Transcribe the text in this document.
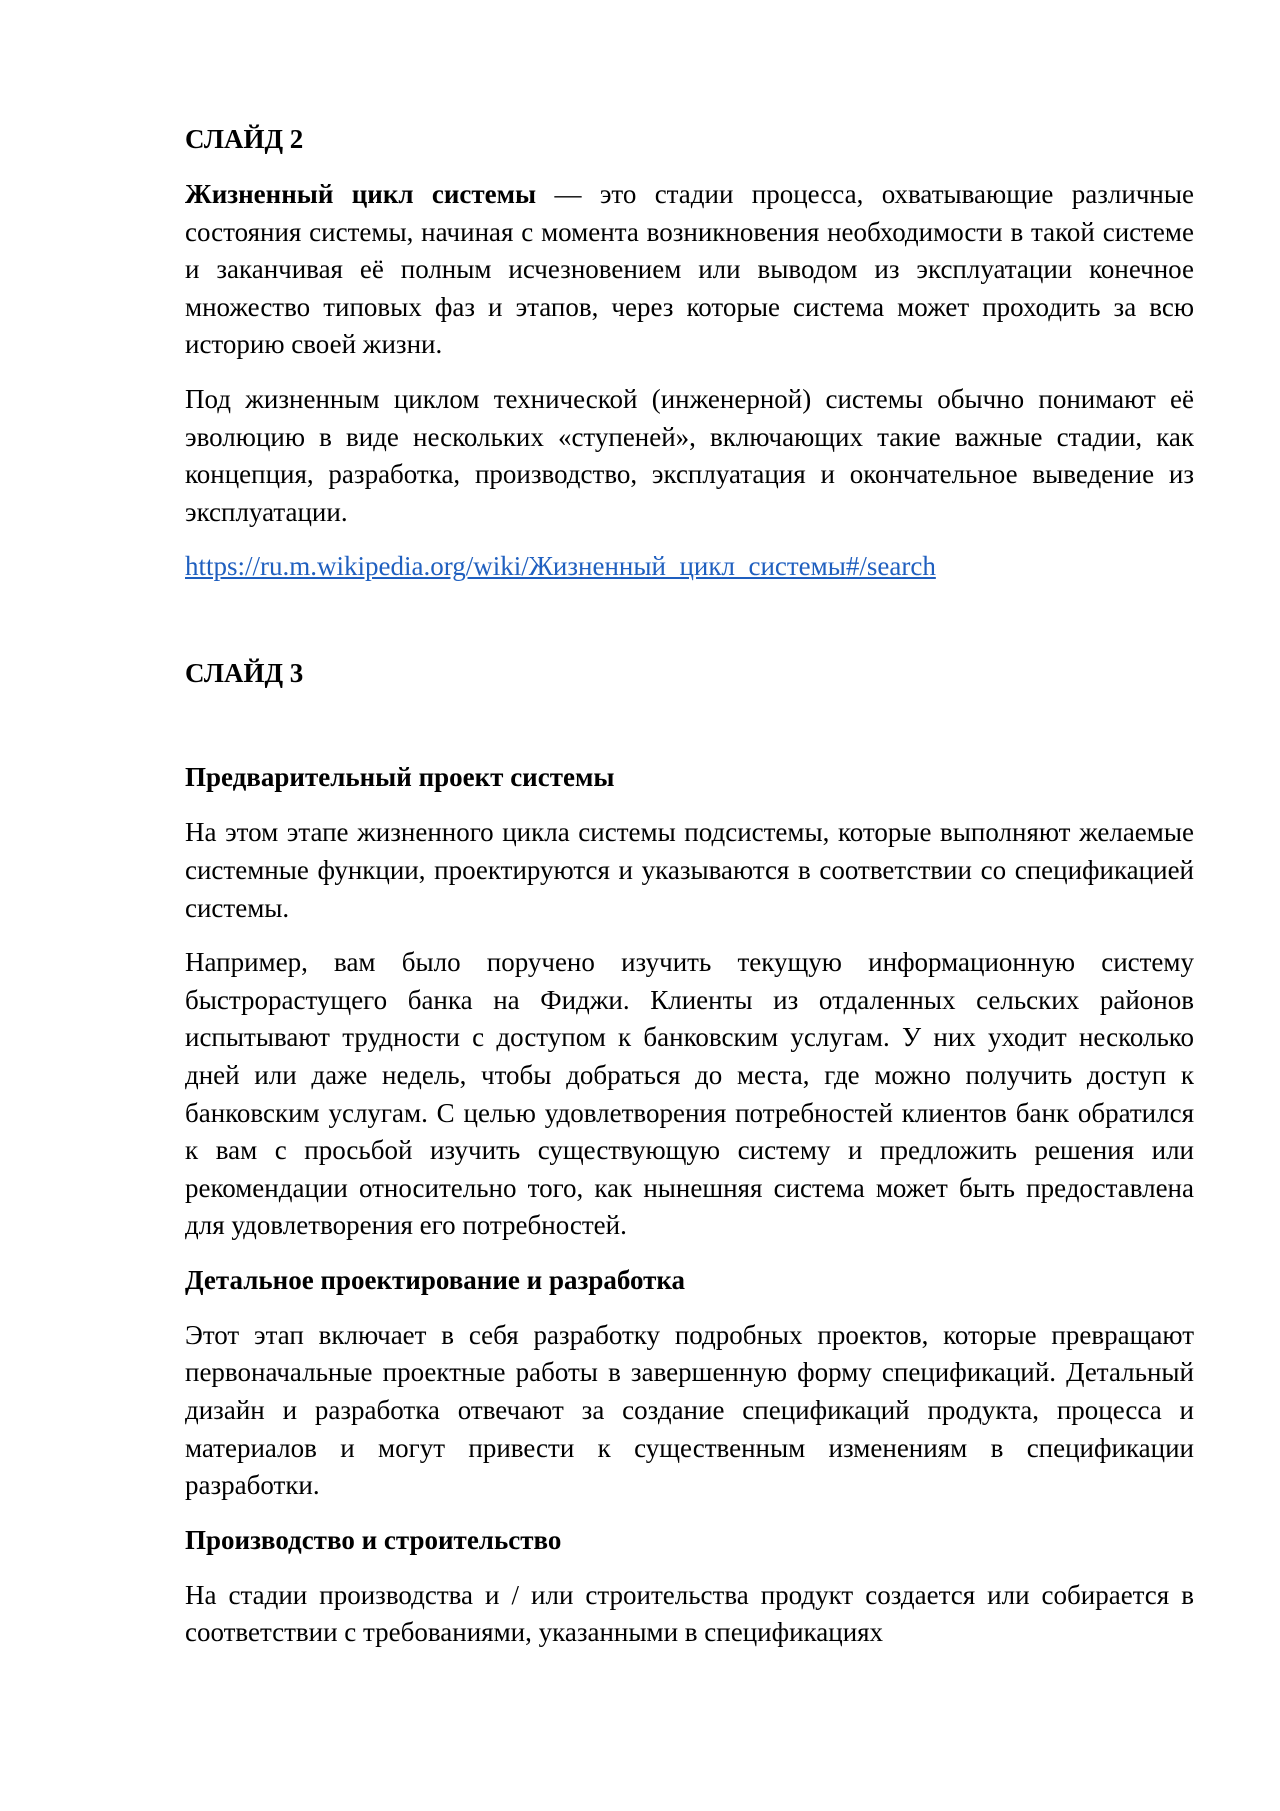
СЛАЙД 2

Жизненный цикл системы — это стадии процесса, охватывающие различные состояния системы, начиная с момента возникновения необходимости в такой системе и заканчивая её полным исчезновением или выводом из эксплуатации конечное множество типовых фаз и этапов, через которые система может проходить за всю историю своей жизни.

Под жизненным циклом технической (инженерной) системы обычно понимают её эволюцию в виде нескольких «ступеней», включающих такие важные стадии, как концепция, разработка, производство, эксплуатация и окончательное выведение из эксплуатации.

https://ru.m.wikipedia.org/wiki/Жизненный_цикл_системы#/search
СЛАЙД 3
Предварительный проект системы

На этом этапе жизненного цикла системы подсистемы, которые выполняют желаемые системные функции, проектируются и указываются в соответствии со спецификацией системы.

Например, вам было поручено изучить текущую информационную систему быстрорастущего банка на Фиджи. Клиенты из отдаленных сельских районов испытывают трудности с доступом к банковским услугам. У них уходит несколько дней или даже недель, чтобы добраться до места, где можно получить доступ к банковским услугам. С целью удовлетворения потребностей клиентов банк обратился к вам с просьбой изучить существующую систему и предложить решения или рекомендации относительно того, как нынешняя система может быть предоставлена для удовлетворения его потребностей.

Детальное проектирование и разработка

Этот этап включает в себя разработку подробных проектов, которые превращают первоначальные проектные работы в завершенную форму спецификаций. Детальный дизайн и разработка отвечают за создание спецификаций продукта, процесса и материалов и могут привести к существенным изменениям в спецификации разработки.

Производство и строительство

На стадии производства и / или строительства продукт создается или собирается в соответствии с требованиями, указанными в спецификациях
